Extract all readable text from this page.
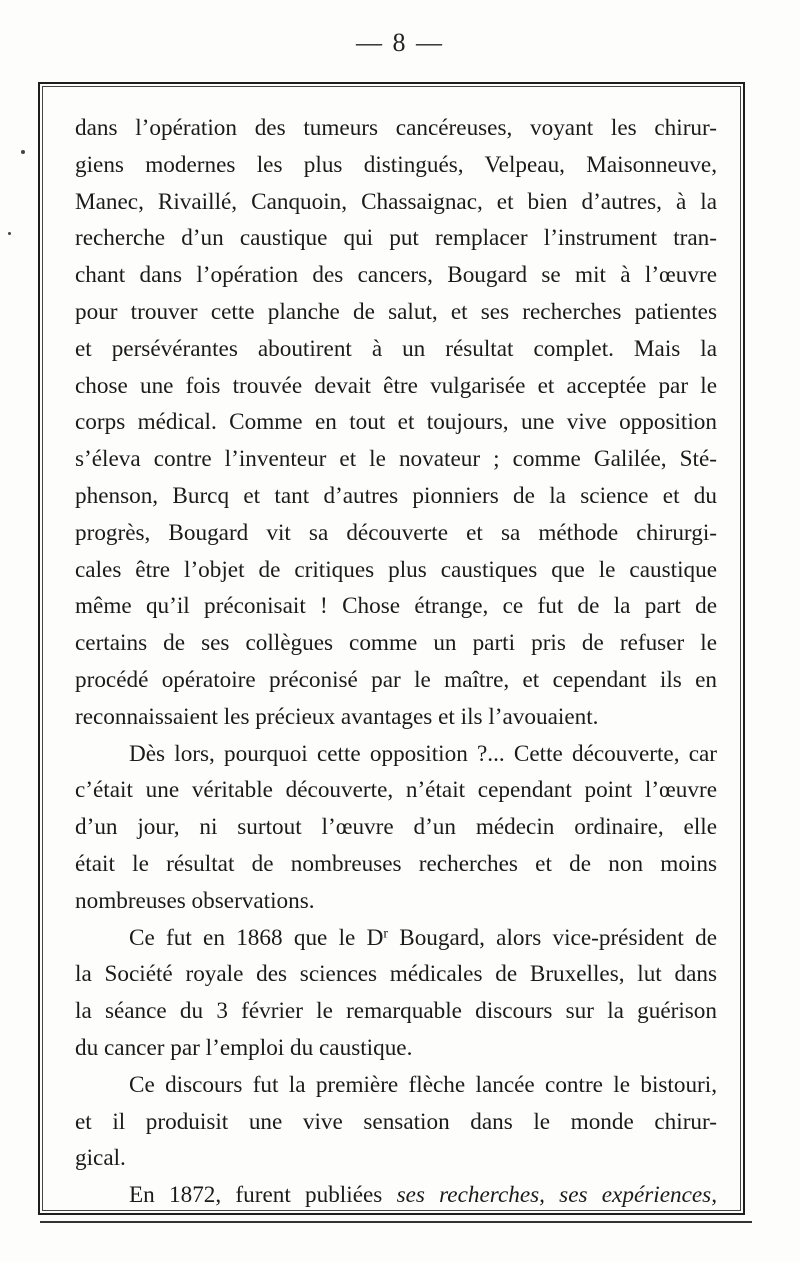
— 8 —
dans l’opération des tumeurs cancéreuses, voyant les chirur-
giens modernes les plus distingués, Velpeau, Maisonneuve,
Manec, Rivaillé, Canquoin, Chassaignac, et bien d’autres, à la
recherche d’un caustique qui put remplacer l’instrument tran-
chant dans l’opération des cancers, Bougard se mit à l’œuvre
pour trouver cette planche de salut, et ses recherches patientes
et persévérantes aboutirent à un résultat complet. Mais la
chose une fois trouvée devait être vulgarisée et acceptée par le
corps médical. Comme en tout et toujours, une vive opposition
s’éleva contre l’inventeur et le novateur ; comme Galilée, Sté-
phenson, Burcq et tant d’autres pionniers de la science et du
progrès, Bougard vit sa découverte et sa méthode chirurgi-
cales être l’objet de critiques plus caustiques que le caustique
même qu’il préconisait ! Chose étrange, ce fut de la part de
certains de ses collègues comme un parti pris de refuser le
procédé opératoire préconisé par le maître, et cependant ils en
reconnaissaient les précieux avantages et ils l’avouaient.
Dès lors, pourquoi cette opposition ?... Cette découverte, car
c’était une véritable découverte, n’était cependant point l’œuvre
d’un jour, ni surtout l’œuvre d’un médecin ordinaire, elle
était le résultat de nombreuses recherches et de non moins
nombreuses observations.
Ce fut en 1868 que le $D^r$ Bougard, alors vice-président de
la Société royale des sciences médicales de Bruxelles, lut dans
la séance du 3 février le remarquable discours sur la guérison
du cancer par l’emploi du caustique.
Ce discours fut la première flèche lancée contre le bistouri,
et il produisit une vive sensation dans le monde chirur-
gical.
En 1872, furent publiées ses recherches, ses expériences,
